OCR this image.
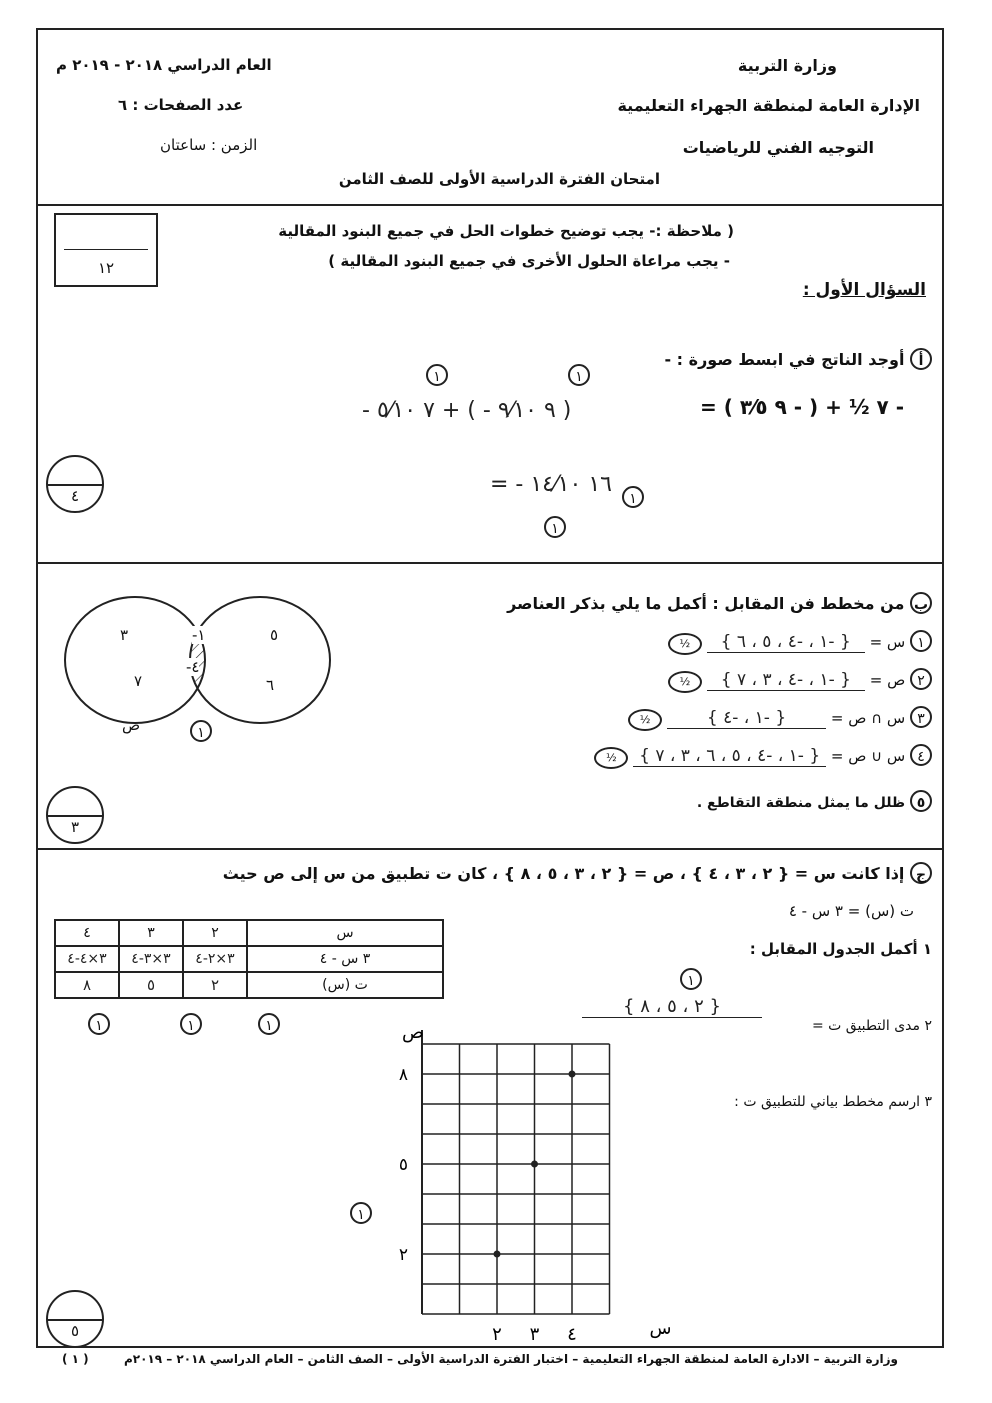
وزارة التربية
الإدارة العامة لمنطقة الجهراء التعليمية
التوجيه الفني للرياضيات
العام الدراسي ٢٠١٨ - ٢٠١٩ م
عدد الصفحات : ٦
الزمن : ساعتان
امتحان الفترة الدراسية الأولى للصف الثامن
١٢
( ملاحظة :- يجب توضيح خطوات الحل في جميع البنود المقالية
- يجب مراعاة الحلول الأخرى في جميع البنود المقالية )
السؤال الأول :
أ أوجد الناتج في ابسط صورة : -
- ٧ ½ + ( - ٩ ٣⁄٥ ) =
( ٩ ٩⁄١٠ - ) + ٧ ٥⁄١٠ -
١٦ ١٤⁄١٠ - =
١	١
١
١
٤
ب من مخطط فن المقابل : أكمل ما يلي بذكر العناصر
١ س = { -١ ، -٤ ، ٥ ، ٦ } ½
٢ ص = { -١ ، -٤ ، ٣ ، ٧ } ½
٣ س ∩ ص = { -١ ، -٤ } ½
٤ س ∪ ص = { -١ ، -٤ ، ٥ ، ٦ ، ٣ ، ٧ } ½
٥ ظلل ما يمثل منطقة التقاطع .
٣
٧
٥
٦
-١
-٤
ص	١
٣
ج إذا كانت س = { ٢ ، ٣ ، ٤ } ، ص = { ٢ ، ٣ ، ٥ ، ٨ } ، كان ت تطبيق من س إلى ص حيث
ت (س) = ٣ س - ٤
١ أكمل الجدول المقابل :
١
٢ مدى التطبيق ت =
{ ٢ ، ٥ ، ٨ }
٣ ارسم مخطط بياني للتطبيق ت :
٤	٣	٢	س
٣×٤-٤	٣×٣-٤	٣×٢-٤	٣ س - ٤
٨	٥	٢	ت (س)
١	١	١
٢ ٣ ٤
٢
٥
٨
س
ص
١
٥
وزارة التربية – الادارة العامة لمنطقة الجهراء التعليمية – اختبار الفترة الدراسية الأولى – الصف الثامن – العام الدراسي ٢٠١٨ – ٢٠١٩م
( ١ )
